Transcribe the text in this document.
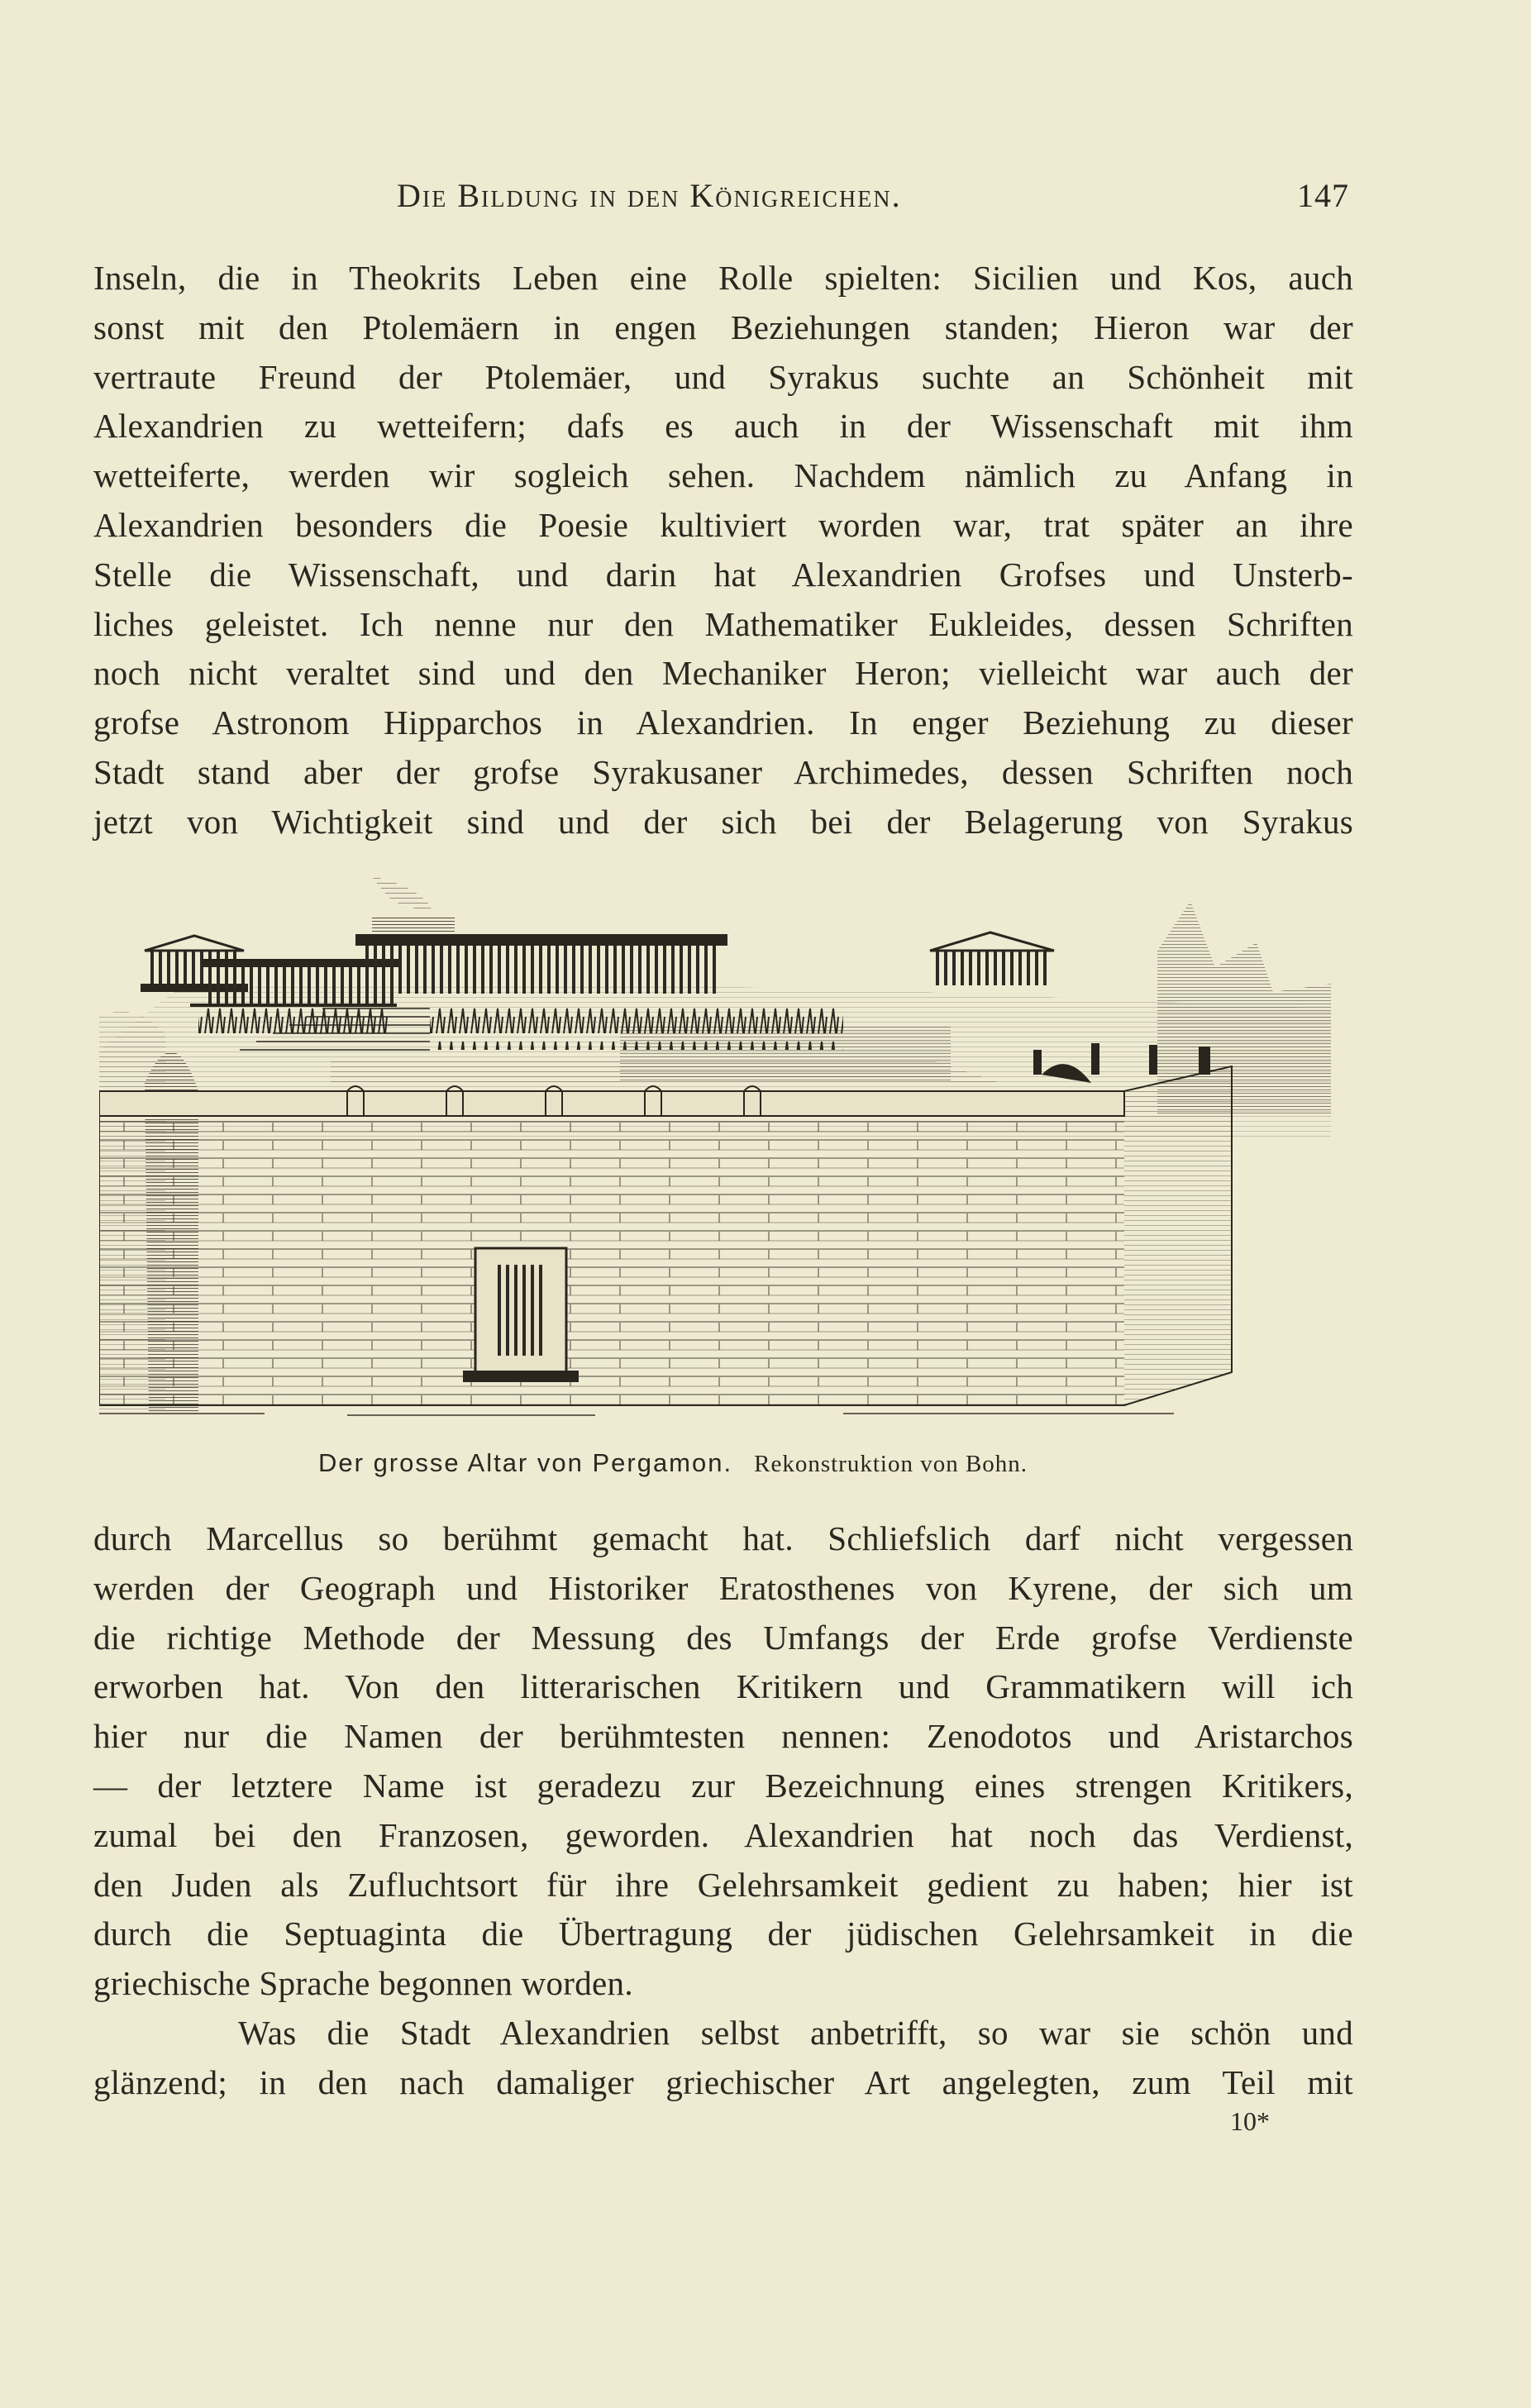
Die Bildung in den Königreichen.	147
Inseln, die in Theokrits Leben eine Rolle spielten: Sicilien und Kos, auch
sonst mit den Ptolemäern in engen Beziehungen standen; Hieron war der
vertraute Freund der Ptolemäer, und Syrakus suchte an Schönheit mit
Alexandrien zu wetteifern; dafs es auch in der Wissenschaft mit ihm
wetteiferte, werden wir sogleich sehen. Nachdem nämlich zu Anfang in
Alexandrien besonders die Poesie kultiviert worden war, trat später an ihre
Stelle die Wissenschaft, und darin hat Alexandrien Grofses und Unsterb-
liches geleistet. Ich nenne nur den Mathematiker Eukleides, dessen Schriften
noch nicht veraltet sind und den Mechaniker Heron; vielleicht war auch der
grofse Astronom Hipparchos in Alexandrien. In enger Beziehung zu dieser
Stadt stand aber der grofse Syrakusaner Archimedes, dessen Schriften noch
jetzt von Wichtigkeit sind und der sich bei der Belagerung von Syrakus
Der grosse Altar von Pergamon. Rekonstruktion von Bohn.
durch Marcellus so berühmt gemacht hat. Schliefslich darf nicht vergessen
werden der Geograph und Historiker Eratosthenes von Kyrene, der sich um
die richtige Methode der Messung des Umfangs der Erde grofse Verdienste
erworben hat. Von den litterarischen Kritikern und Grammatikern will ich
hier nur die Namen der berühmtesten nennen: Zenodotos und Aristarchos
— der letztere Name ist geradezu zur Bezeichnung eines strengen Kritikers,
zumal bei den Franzosen, geworden. Alexandrien hat noch das Verdienst,
den Juden als Zufluchtsort für ihre Gelehrsamkeit gedient zu haben; hier ist
durch die Septuaginta die Übertragung der jüdischen Gelehrsamkeit in die
griechische Sprache begonnen worden.
Was die Stadt Alexandrien selbst anbetrifft, so war sie schön und
glänzend; in den nach damaliger griechischer Art angelegten, zum Teil mit
10*
